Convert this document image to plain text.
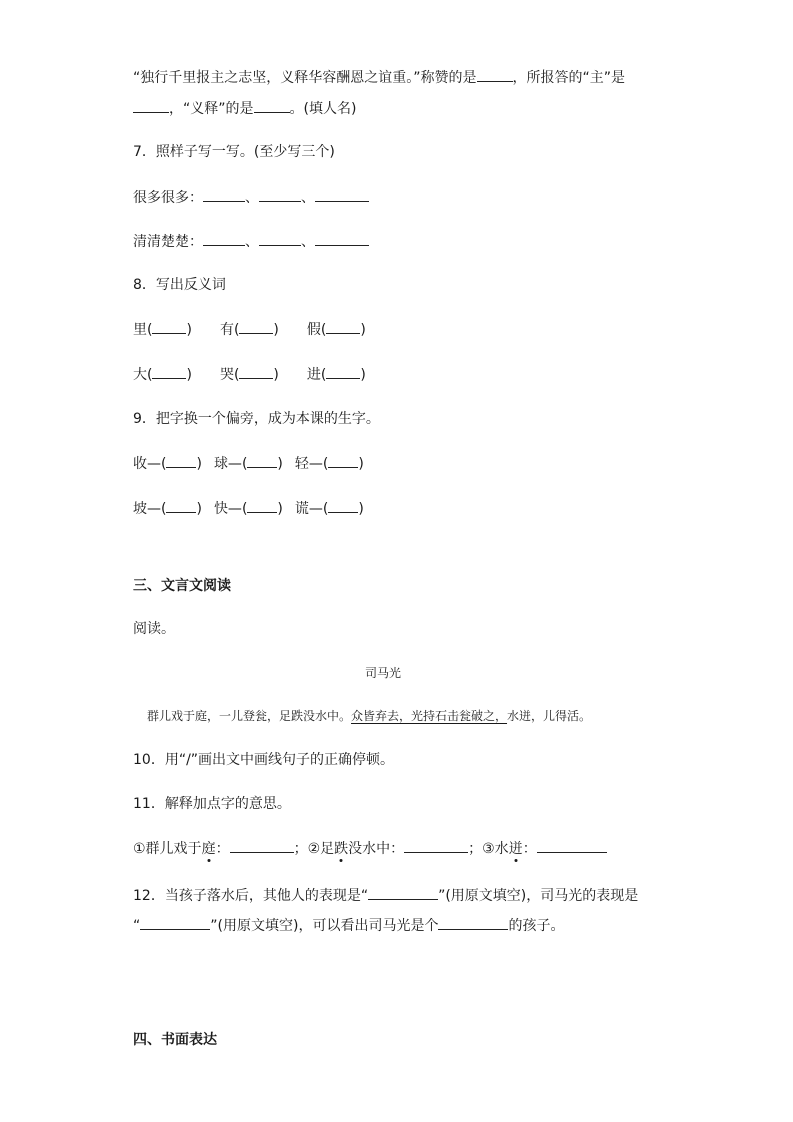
“独行千里报主之志坚，义释华容酬恩之谊重。”称赞的是	，所报答的“主”是
，“义释”的是	。(填人名)
7．照样子写一写。(至少写三个)
很多很多：	、	、
清清楚楚：	、	、
8．写出反义词
里( ) 有( ) 假( )
大( ) 哭( ) 进( )
9．把字换一个偏旁，成为本课的生字。
收—( ) 球—( ) 轻—( )
坡—( ) 快—( ) 谎—( )
三、文言文阅读
阅读。
司马光
群儿戏于庭，一儿登瓮，足跌没水中。众皆弃去，光持石击瓮破之，水迸，儿得活。
10．用“/”画出文中画线句子的正确停顿。
11．解释加点字的意思。
①群儿戏于庭：	；②足跌没水中：	；③水迸：
12．当孩子落水后，其他人的表现是“	”(用原文填空)，司马光的表现是
“	”(用原文填空)，可以看出司马光是个	的孩子。
四、书面表达
